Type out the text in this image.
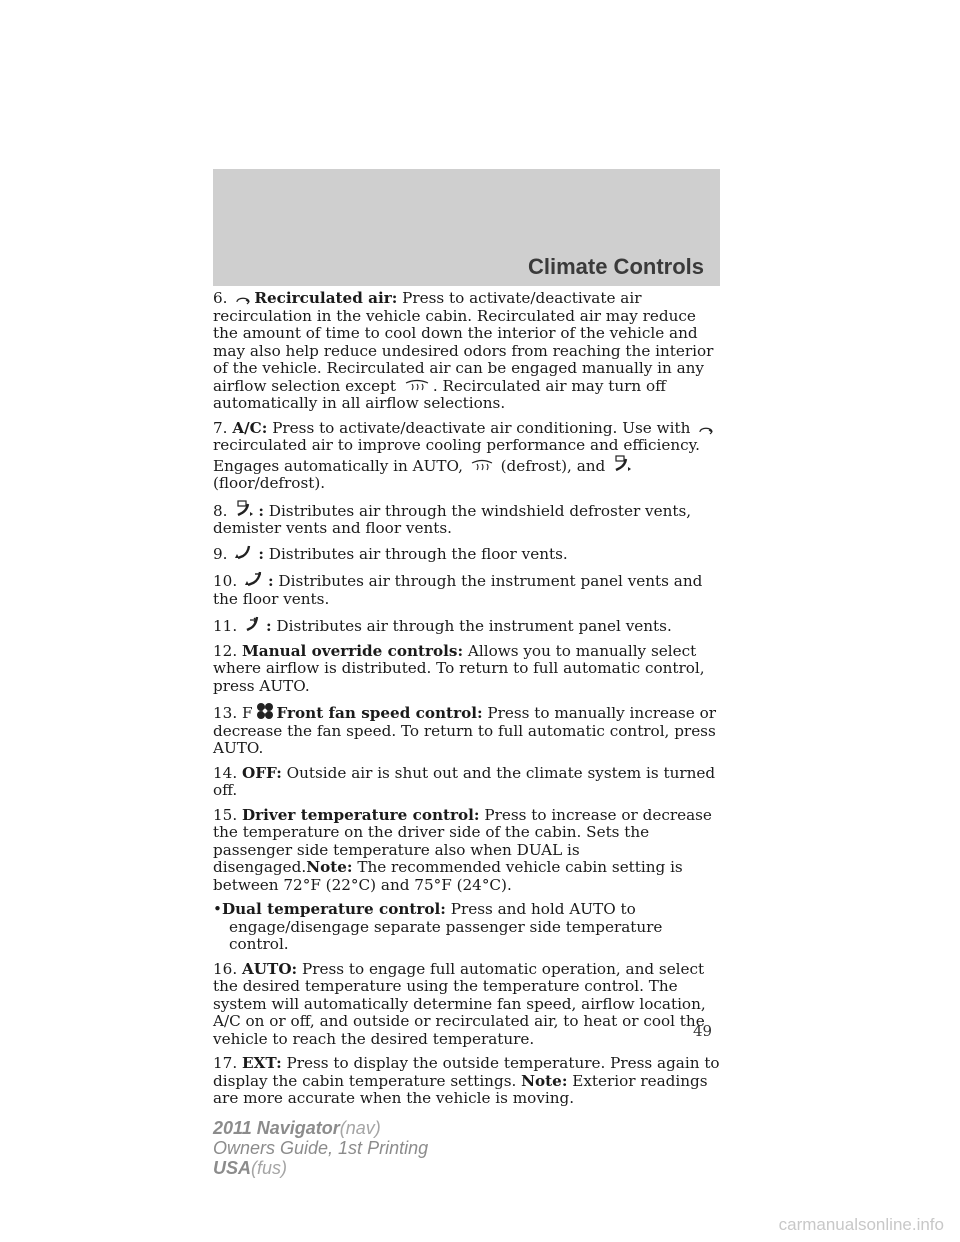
Climate Controls

6. Recirculated air: Press to activate/deactivate air recirculation in the vehicle cabin. Recirculated air may reduce the amount of time to cool down the interior of the vehicle and may also help reduce undesired odors from reaching the interior of the vehicle. Recirculated air can be engaged manually in any airflow selection except . Recirculated air may turn off automatically in all airflow selections.

7. A/C: Press to activate/deactivate air conditioning. Use with
recirculated air to improve cooling performance and efficiency. Engages automatically in AUTO, (defrost), and
(floor/defrost).

8. : Distributes air through the windshield defroster vents, demister vents and floor vents.

9. : Distributes air through the floor vents.

10. : Distributes air through the instrument panel vents and the floor vents.

11. : Distributes air through the instrument panel vents.

12. Manual override controls: Allows you to manually select where airflow is distributed. To return to full automatic control, press AUTO.

13. F Front fan speed control: Press to manually increase or decrease the fan speed. To return to full automatic control, press AUTO.

14. OFF: Outside air is shut out and the climate system is turned off.

15. Driver temperature control: Press to increase or decrease the temperature on the driver side of the cabin. Sets the passenger side temperature also when DUAL is disengaged.Note: The recommended vehicle cabin setting is between 72°F (22°C) and 75°F (24°C).

•Dual temperature control: Press and hold AUTO to engage/disengage separate passenger side temperature control.

16. AUTO: Press to engage full automatic operation, and select the desired temperature using the temperature control. The system will automatically determine fan speed, airflow location, A/C on or off, and outside or recirculated air, to heat or cool the vehicle to reach the desired temperature.

17. EXT: Press to display the outside temperature. Press again to display the cabin temperature settings. Note: Exterior readings are more accurate when the vehicle is moving.

49
2011 Navigator(nav)
Owners Guide, 1st Printing
USA(fus)
carmanualsonline.info
